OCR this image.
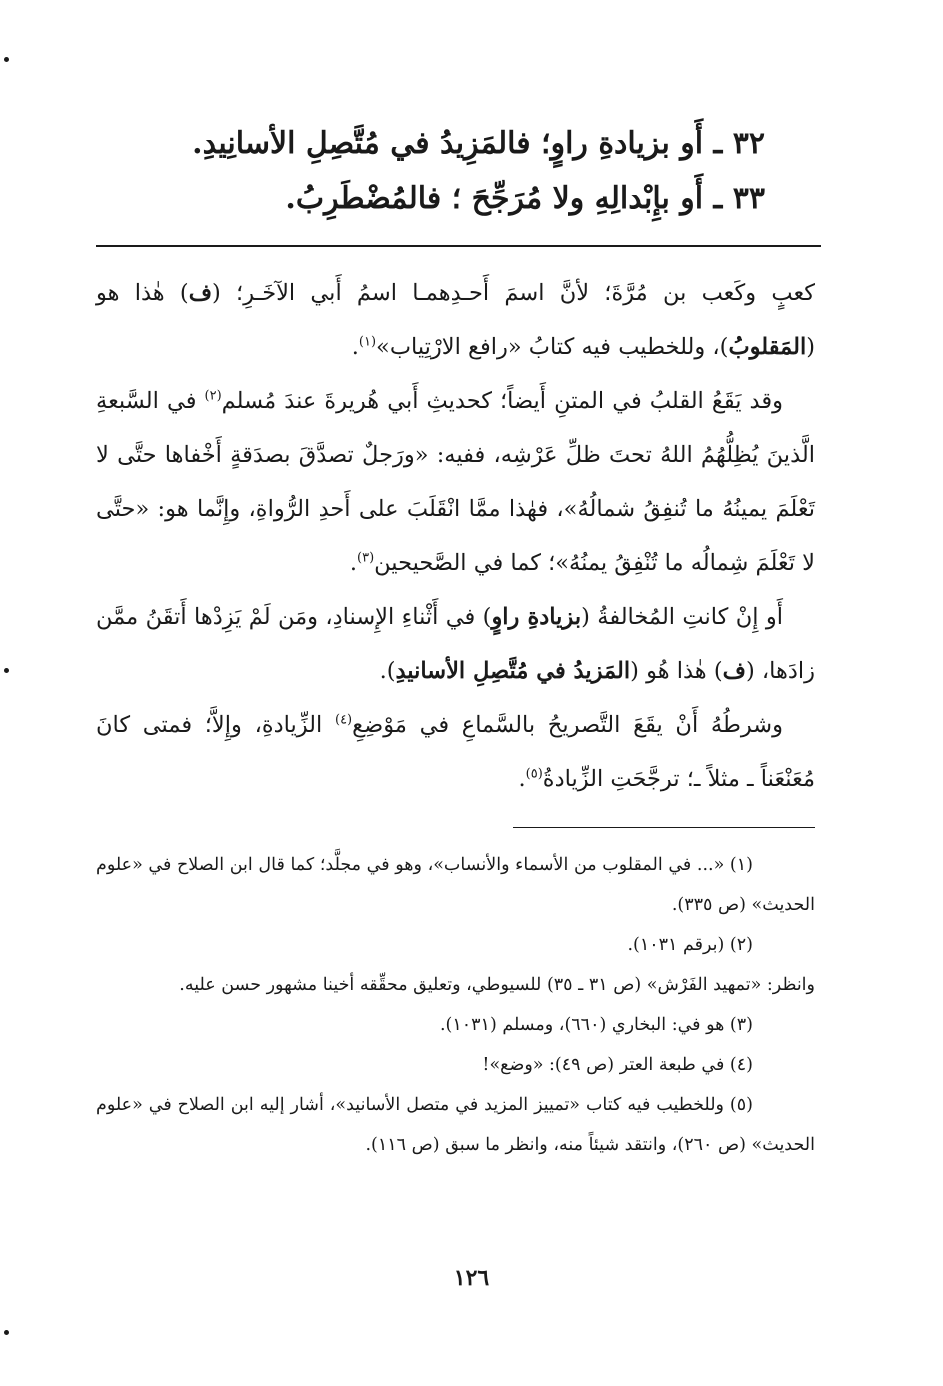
٣٢ ـ أَو بزيادةِ راوٍ؛ فالمَزِيدُ في مُتَّصِلِ الأسانِيدِ.
٣٣ ـ أَو بإِبْدالِهِ ولا مُرَجِّحَ ؛ فالمُضْطَرِبُ.

كعبٍ وكَعب بن مُرَّةَ؛ لأنَّ اسمَ أَحـدِهمـا اسمُ أَبي الآخَـرِ؛ (ف) هٰذا هو (المَقلوبُ)، وللخطيب فيه كتابُ «رافع الارْتِياب»$^{(١)}$.

وقد يَقَعُ القلبُ في المتنِ أَيضاً؛ كحديثِ أَبي هُريرةَ عندَ مُسلم$^{(٢)}$ في السَّبعةِ الَّذينَ يُظِلُّهُمُ اللهُ تحتَ ظلِّ عَرْشِه، ففيه: «ورَجلٌ تصدَّقَ بصدَقةٍ أَخْفاها حتَّى لا تَعْلَمَ يمينُهُ ما تُنفِقُ شمالُهُ»، فهٰذا ممَّا انْقَلَبَ على أَحدِ الرُّواةِ، وإِنَّما هو: «حتَّى لا تَعْلَمَ شِمالُه ما تُنْفِقُ يمنُهُ»؛ كما في الصَّحيحين$^{(٣)}$.

أَو إِنْ كانتِ المُخالفةُ (بزيادةِ راوٍ) في أَثْناءِ الإِسنادِ، ومَن لَمْ يَزِدْها أَتقَنُ ممَّن زادَها، (ف) هٰذا هُو (المَزيدُ في مُتَّصِلِ الأسانيدِ).

وشرطُهُ أَنْ يقَعَ التَّصريحُ بالسَّماعِ في مَوْضِعِ$^{(٤)}$ الزِّيادةِ، وإِلاَّ؛ فمتى كانَ مُعَنْعَناً ـ مثلاً ـ؛ ترجَّحَتِ الزِّيادةُ$^{(٥)}$.

(١) «... في المقلوب من الأسماء والأنساب»، وهو في مجلَّد؛ كما قال ابن الصلاح في «علوم الحديث» (ص ٣٣٥).

(٢) (برقم ١٠٣١).

وانظر: «تمهيد الفَرْش» (ص ٣١ ـ ٣٥) للسيوطي، وتعليق محقِّقه أخينا مشهور حسن عليه.

(٣) هو في: البخاري (٦٦٠)، ومسلم (١٠٣١).

(٤) في طبعة العتر (ص ٤٩): «وضع»!

(٥) وللخطيب فيه كتاب «تمييز المزيد في متصل الأسانيد»، أشار إليه ابن الصلاح في «علوم الحديث» (ص ٢٦٠)، وانتقد شيئاً منه، وانظر ما سبق (ص ١١٦).

١٢٦
